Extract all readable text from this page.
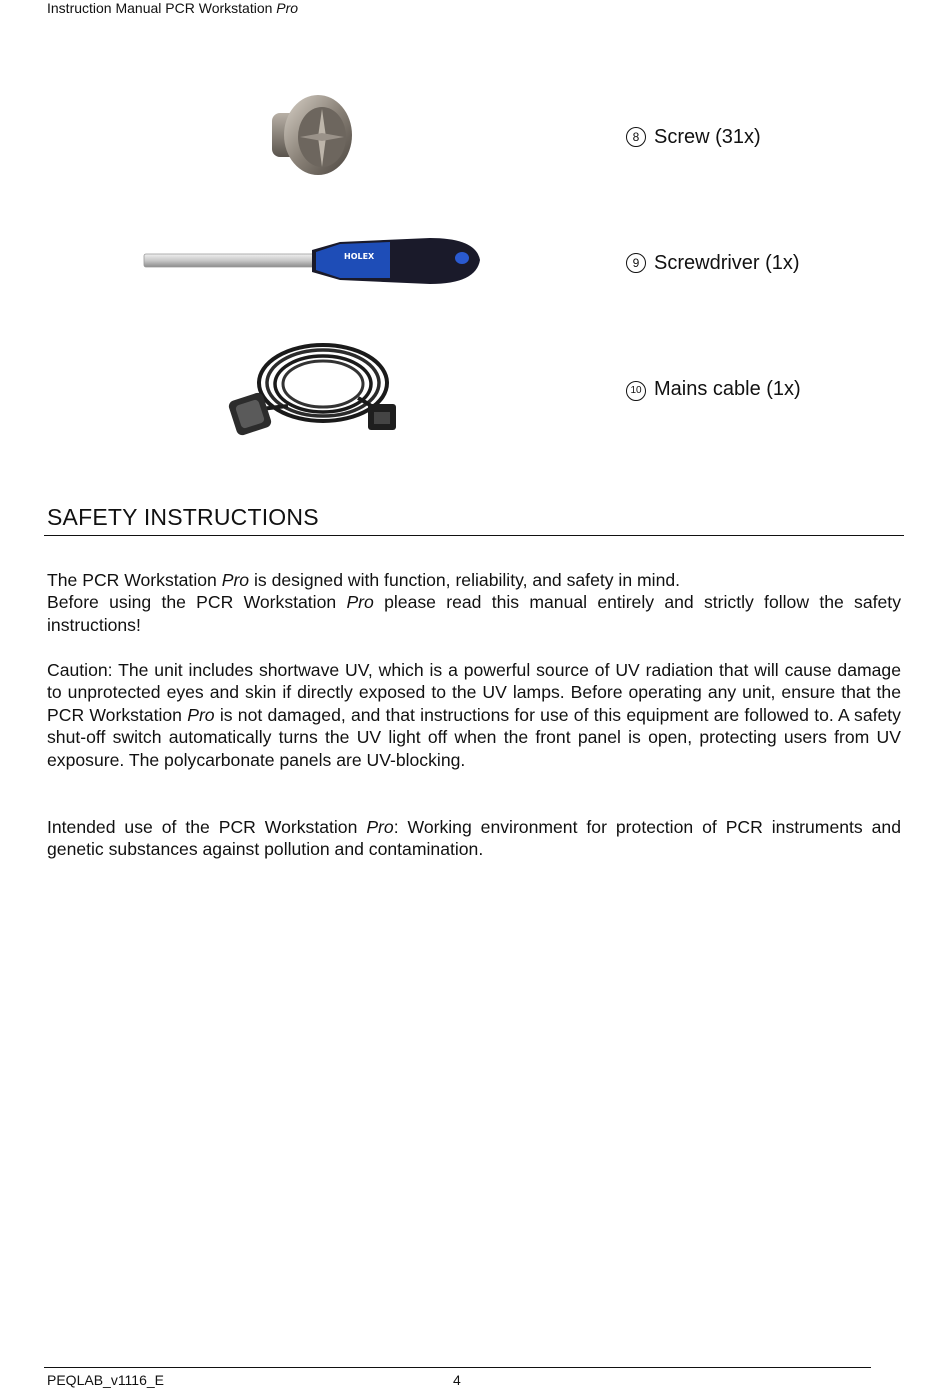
Instruction Manual PCR Workstation Pro
HOLEX
8 Screw (31x)
9 Screwdriver (1x)
10 Mains cable (1x)
SAFETY INSTRUCTIONS

The PCR Workstation Pro is designed with function, reliability, and safety in mind.

Before using the PCR Workstation Pro please read this manual entirely and strictly follow the safety instructions!

Caution: The unit includes shortwave UV, which is a powerful source of UV radiation that will cause damage to unprotected eyes and skin if directly exposed to the UV lamps. Before operating any unit, ensure that the PCR Workstation Pro is not damaged, and that instructions for use of this equipment are followed to. A safety shut-off switch automatically turns the UV light off when the front panel is open, protecting users from UV exposure. The polycarbonate panels are UV-blocking.

Intended use of the PCR Workstation Pro: Working environment for protection of PCR instruments and genetic substances against pollution and contamination.

PEQLAB_v1116_E	4
